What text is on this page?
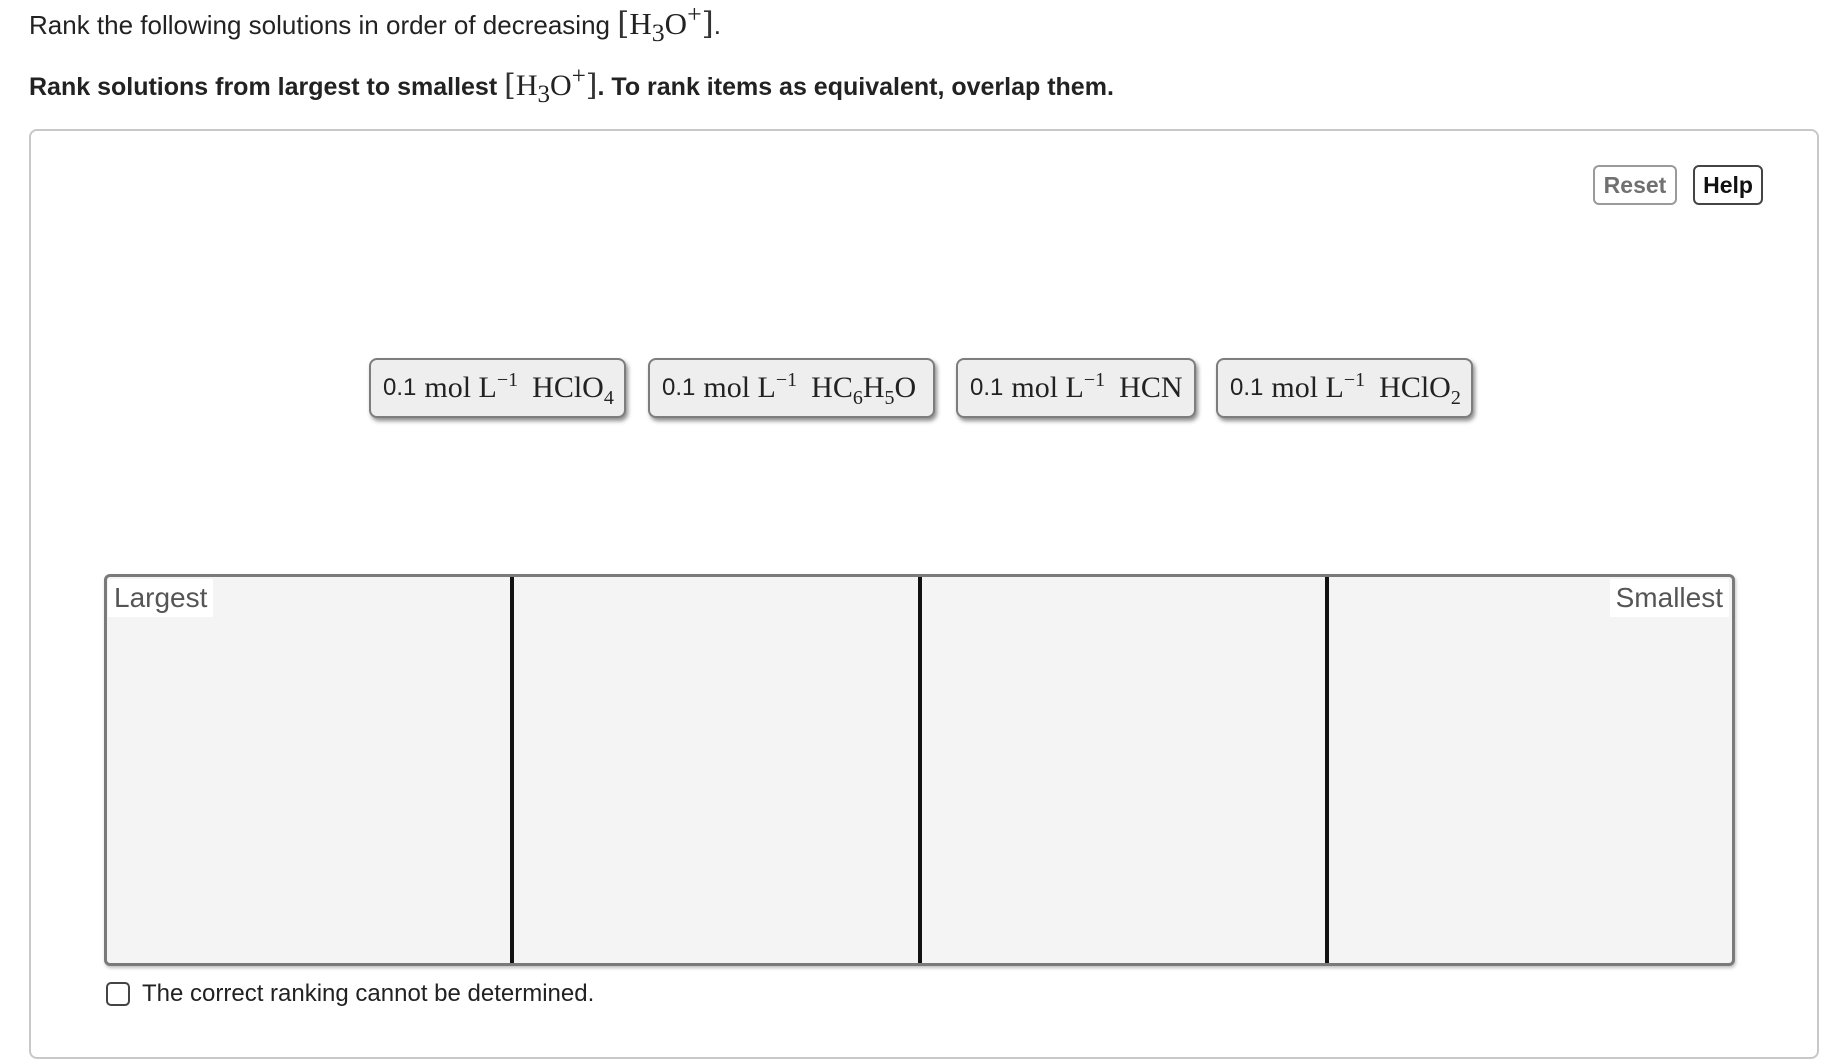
Rank the following solutions in order of decreasing $[H_3O^+]$.
Rank solutions from largest to smallest $[H_3O^+]$. To rank items as equivalent, overlap them.
Reset	Help
0.1 mol $L^{-1}$ HClO$_4$ 0.1 mol $L^{-1}$ $HC_6H_5O$ 0.1 mol $L^{-1}$ HCN 0.1 mol $L^{-1}$ HClO$_2$
Largest	Smallest
The correct ranking cannot be determined.
